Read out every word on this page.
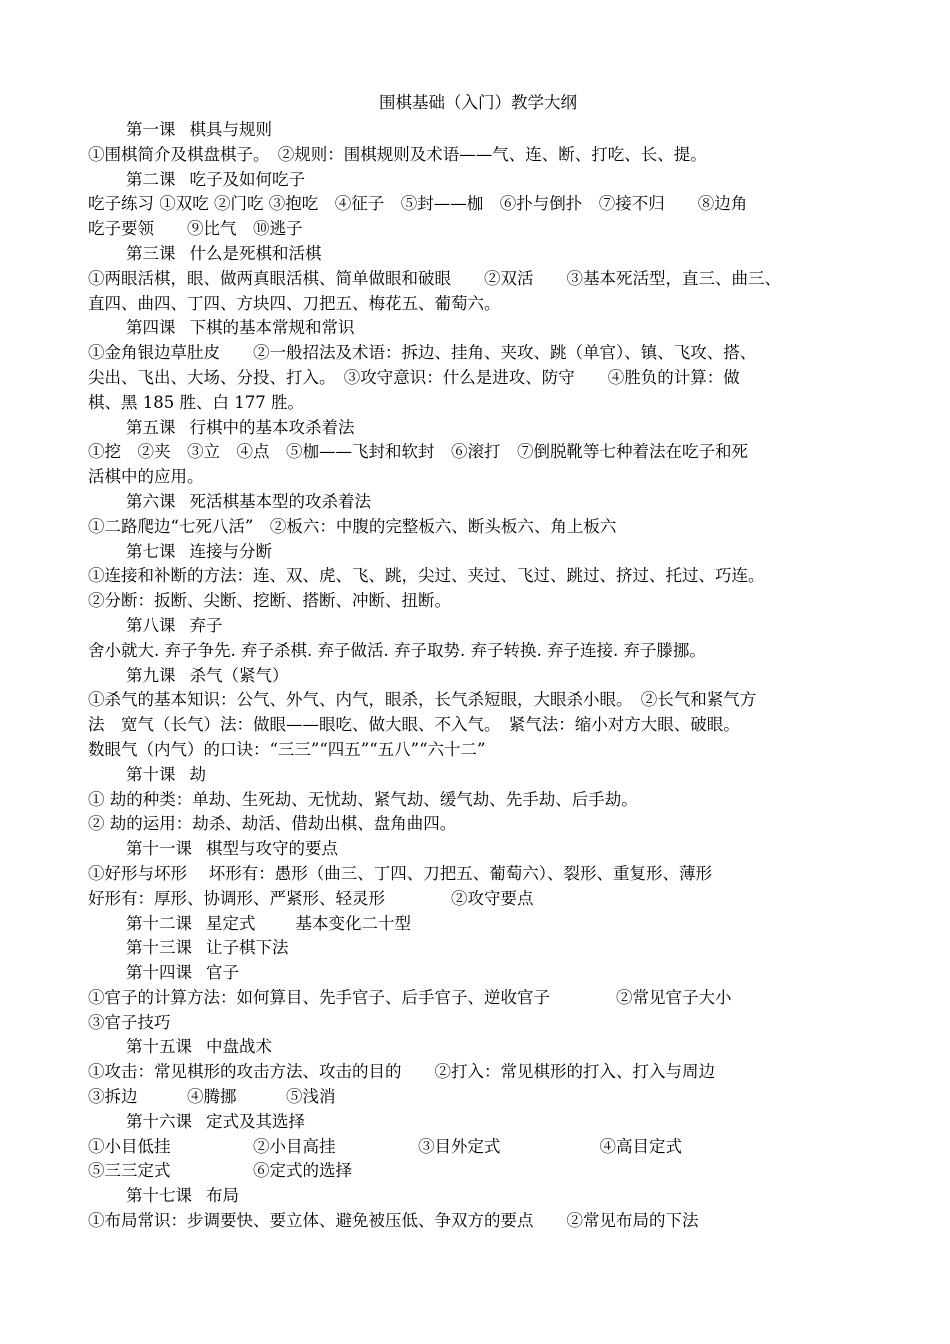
围棋基础（入门）教学大纲

第一课 棋具与规则

①围棋简介及棋盘棋子。　②规则：围棋规则及术语——气、连、断、打吃、长、提。

第二课 吃子及如何吃子

吃子练习 ①双吃 ②门吃 ③抱吃　④征子　⑤封——枷　⑥扑与倒扑　⑦接不归　　⑧边角

吃子要领　　⑨比气　⑩逃子

第三课 什么是死棋和活棋

①两眼活棋，眼、做两真眼活棋、简单做眼和破眼　　②双活　　③基本死活型，直三、曲三、

直四、曲四、丁四、方块四、刀把五、梅花五、葡萄六。

第四课 下棋的基本常规和常识

①金角银边草肚皮　　②一般招法及术语：拆边、挂角、夹攻、跳（单官）、镇、飞攻、搭、

尖出、飞出、大场、分投、打入。　③攻守意识：什么是进攻、防守　　④胜负的计算：做

棋、黑 185 胜、白 177 胜。

第五课 行棋中的基本攻杀着法

①挖　②夹　③立　④点　⑤枷——飞封和软封　⑥滚打　⑦倒脱靴等七种着法在吃子和死

活棋中的应用。

第六课 死活棋基本型的攻杀着法

①二路爬边“七死八活”　②板六：中腹的完整板六、断头板六、角上板六

第七课 连接与分断

①连接和补断的方法：连、双、虎、飞、跳，尖过、夹过、飞过、跳过、挤过、托过、巧连。

②分断：扳断、尖断、挖断、搭断、冲断、扭断。

第八课 弃子

舍小就大. 弃子争先. 弃子杀棋. 弃子做活. 弃子取势. 弃子转换. 弃子连接. 弃子滕挪。

第九课 杀气（紧气）

①杀气的基本知识：公气、外气、内气，眼杀，长气杀短眼，大眼杀小眼。　②长气和紧气方

法　宽气（长气）法：做眼——眼吃、做大眼、不入气。　紧气法：缩小对方大眼、破眼。

数眼气（内气）的口诀：“三三”“四五”“五八”“六十二”

第十课 劫

① 劫的种类：单劫、生死劫、无忧劫、紧气劫、缓气劫、先手劫、后手劫。

② 劫的运用：劫杀、劫活、借劫出棋、盘角曲四。

第十一课 棋型与攻守的要点

①好形与坏形　 坏形有：愚形（曲三、丁四、刀把五、葡萄六）、裂形、重复形、薄形

好形有：厚形、协调形、严紧形、轻灵形　　　　②攻守要点

第十二课 星定式 基本变化二十型

第十三课 让子棋下法

第十四课 官子

①官子的计算方法：如何算目、先手官子、后手官子、逆收官子　　　　②常见官子大小

③官子技巧

第十五课 中盘战术

①攻击：常见棋形的攻击方法、攻击的目的　　②打入：常见棋形的打入、打入与周边

③拆边　　　④腾挪　　　⑤浅消

第十六课 定式及其选择

①小目低挂　　　　　②小目高挂　　　　　③目外定式　　　　　　④高目定式

⑤三三定式　　　　　⑥定式的选择

第十七课 布局

①布局常识：步调要快、要立体、避免被压低、争双方的要点　　②常见布局的下法
